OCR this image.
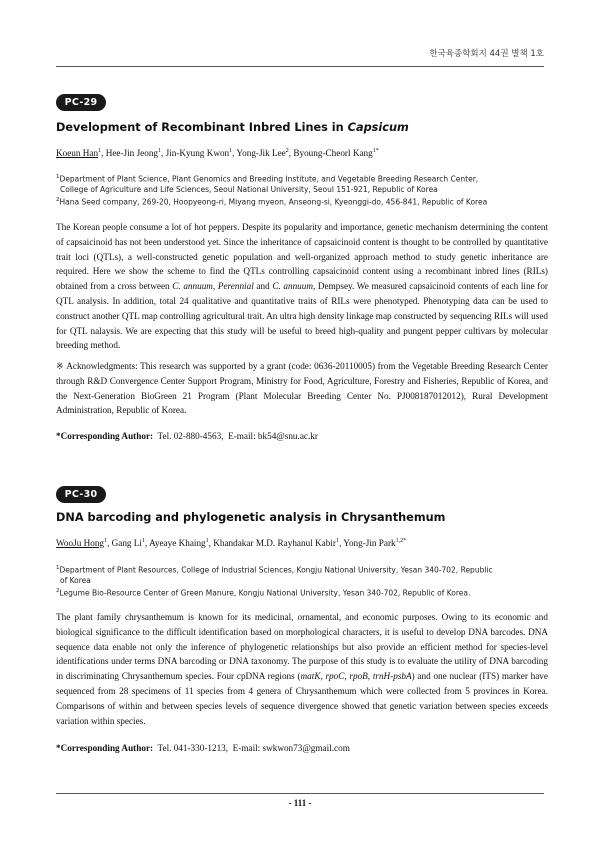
한국육종학회지 44권 별책 1호
PC-29
Development of Recombinant Inbred Lines in Capsicum
Koeun Han$^1$, Hee-Jin Jeong$^1$, Jin-Kyung Kwon$^1$, Yong-Jik Lee$^2$, Byoung-Cheorl Kang$^{1*}$
$^1$Department of Plant Science, Plant Genomics and Breeding Institute, and Vegetable Breeding Research Center,
College of Agriculture and Life Sciences, Seoul National University, Seoul 151-921, Republic of Korea
$^2$Hana Seed company, 269-20, Hoopyeong-ri, Miyang myeon, Anseong-si, Kyeonggi-do, 456-841, Republic of Korea
The Korean people consume a lot of hot peppers. Despite its popularity and importance, genetic mechanism determining the content of capsaicinoid has not been understood yet. Since the inheritance of capsaicinoid content is thought to be controlled by quantitative trait loci (QTLs), a well-constructed genetic population and well-organized approach method to study genetic inheritance are required. Here we show the scheme to find the QTLs controlling capsaicinoid content using a recombinant inbred lines (RILs) obtained from a cross between C. annuum, Perennial and C. annuum, Dempsey. We measured capsaicinoid contents of each line for QTL analysis. In addition, total 24 qualitative and quantitative traits of RILs were phenotyped. Phenotyping data can be used to construct another QTL map controlling agricultural trait. An ultra high density linkage map constructed by sequencing RILs will used for QTL nalaysis. We are expecting that this study will be useful to breed high-quality and pungent pepper cultivars by molecular breeding method.
※ Acknowledgments: This research was supported by a grant (code: 0636-20110005) from the Vegetable Breeding Research Center through R&D Convergence Center Support Program, Ministry for Food, Agriculture, Forestry and Fisheries, Republic of Korea, and the Next-Generation BioGreen 21 Program (Plant Molecular Breeding Center No. PJ008187012012), Rural Development Administration, Republic of Korea.
*Corresponding Author: Tel. 02-880-4563, E-mail: bk54@snu.ac.kr
PC-30
DNA barcoding and phylogenetic analysis in Chrysanthemum
WooJu Hong$^1$, Gang Li$^1$, Ayeaye Khaing$^1$, Khandakar M.D. Rayhanul Kabir$^1$, Yong-Jin Park$^{1,2*}$
$^1$Department of Plant Resources, College of Industrial Sciences, Kongju National University, Yesan 340-702, Republic
of Korea
$^2$Legume Bio-Resource Center of Green Manure, Kongju National University, Yesan 340-702, Republic of Korea.
The plant family chrysanthemum is known for its medicinal, ornamental, and economic purposes. Owing to its economic and biological significance to the difficult identification based on morphological characters, it is useful to develop DNA barcodes. DNA sequence data enable not only the inference of phylogenetic relationships but also provide an efficient method for species-level identifications under terms DNA barcoding or DNA taxonomy. The purpose of this study is to evaluate the utility of DNA barcoding in discriminating Chrysanthemum species. Four cpDNA regions (matK, rpoC, rpoB, trnH-psbA) and one nuclear (ITS) marker have sequenced from 28 specimens of 11 species from 4 genera of Chrysanthemum which were collected from 5 provinces in Korea. Comparisons of within and between species levels of sequence divergence showed that genetic variation between species exceeds variation within species.
*Corresponding Author: Tel. 041-330-1213, E-mail: swkwon73@gmail.com
- 111 -
